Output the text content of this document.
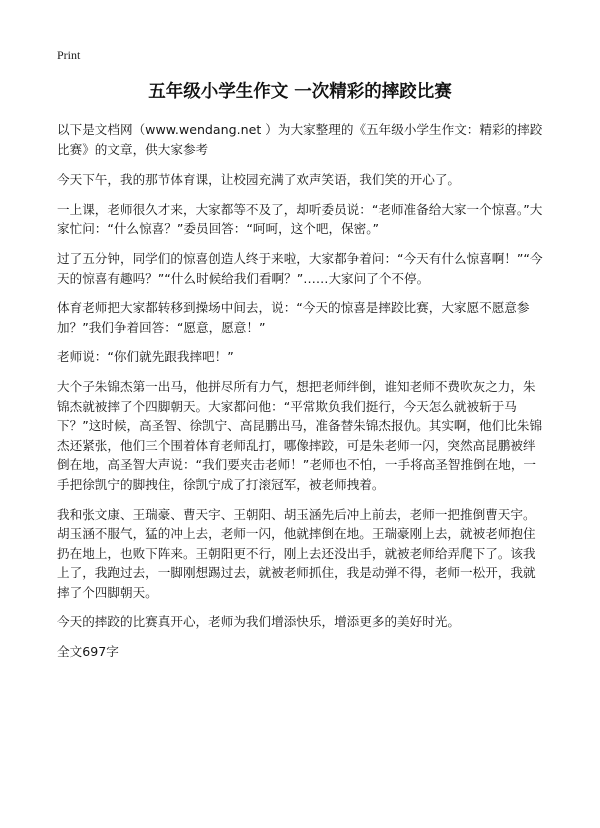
Print
五年级小学生作文 一次精彩的摔跤比赛

以下是文档网（www.wendang.net ）为大家整理的《五年级小学生作文：精彩的摔跤比赛》的文章，供大家参考

今天下午，我的那节体育课，让校园充满了欢声笑语，我们笑的开心了。

一上课，老师很久才来，大家都等不及了，却听委员说：“老师准备给大家一个惊喜。”大家忙问：“什么惊喜？”委员回答：“呵呵，这个吧，保密。”

过了五分钟，同学们的惊喜创造人终于来啦，大家都争着问：“今天有什么惊喜啊！”“今天的惊喜有趣吗？”“什么时候给我们看啊？”……大家问了个不停。

体育老师把大家都转移到操场中间去，说：“今天的惊喜是摔跤比赛，大家愿不愿意参加？”我们争着回答：“愿意，愿意！”

老师说：“你们就先跟我摔吧！”

大个子朱锦杰第一出马，他拼尽所有力气，想把老师绊倒，谁知老师不费吹灰之力，朱锦杰就被摔了个四脚朝天。大家都问他：“平常欺负我们挺行，今天怎么就被斩于马下？”这时候，高圣智、徐凯宁、高昆鹏出马，准备替朱锦杰报仇。其实啊，他们比朱锦杰还紧张，他们三个围着体育老师乱打，哪像摔跤，可是朱老师一闪，突然高昆鹏被绊倒在地，高圣智大声说：“我们要夹击老师！”老师也不怕，一手将高圣智推倒在地，一手把徐凯宁的脚拽住，徐凯宁成了打滚冠军，被老师拽着。

我和张文康、王瑞豪、曹天宇、王朝阳、胡玉涵先后冲上前去，老师一把推倒曹天宇。胡玉涵不服气，猛的冲上去，老师一闪，他就摔倒在地。王瑞豪刚上去，就被老师抱住扔在地上，也败下阵来。王朝阳更不行，刚上去还没出手，就被老师给弄爬下了。该我上了，我跑过去，一脚刚想踢过去，就被老师抓住，我是动弹不得，老师一松开，我就摔了个四脚朝天。

今天的摔跤的比赛真开心，老师为我们增添快乐，增添更多的美好时光。

全文697字
